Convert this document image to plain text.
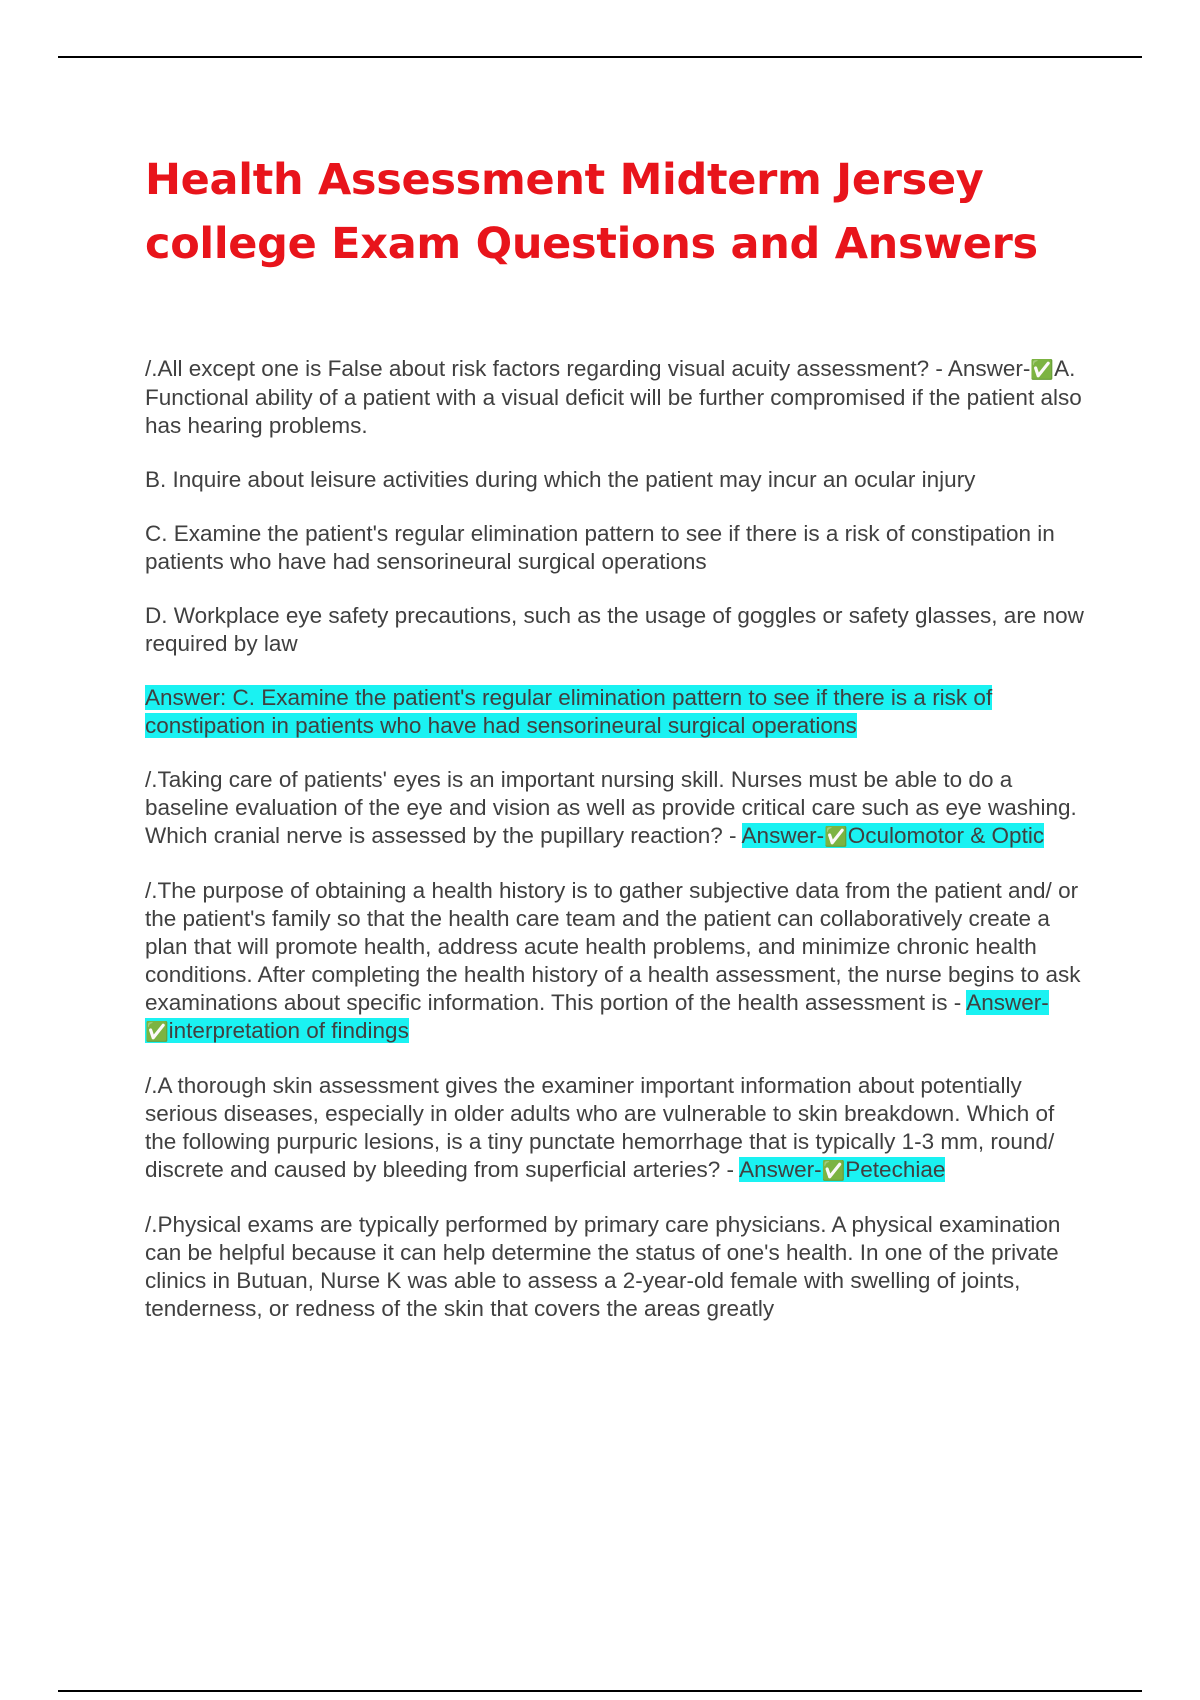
Health Assessment Midterm Jersey
college Exam Questions and Answers

/.All except one is False about risk factors regarding visual acuity assessment? - Answer-✅A. Functional ability of a patient with a visual deficit will be further compromised if the patient also has hearing problems.

B. Inquire about leisure activities during which the patient may incur an ocular injury

C. Examine the patient's regular elimination pattern to see if there is a risk of constipation in patients who have had sensorineural surgical operations

D. Workplace eye safety precautions, such as the usage of goggles or safety glasses, are now required by law

Answer: C. Examine the patient's regular elimination pattern to see if there is a risk of constipation in patients who have had sensorineural surgical operations

/.Taking care of patients' eyes is an important nursing skill. Nurses must be able to do a baseline evaluation of the eye and vision as well as provide critical care such as eye washing. Which cranial nerve is assessed by the pupillary reaction? - Answer-✅Oculomotor & Optic

/.The purpose of obtaining a health history is to gather subjective data from the patient and/ or the patient's family so that the health care team and the patient can collaboratively create a plan that will promote health, address acute health problems, and minimize chronic health conditions. After completing the health history of a health assessment, the nurse begins to ask examinations about specific information. This portion of the health assessment is - Answer-✅interpretation of findings

/.A thorough skin assessment gives the examiner important information about potentially serious diseases, especially in older adults who are vulnerable to skin breakdown. Which of the following purpuric lesions, is a tiny punctate hemorrhage that is typically 1-3 mm, round/ discrete and caused by bleeding from superficial arteries? - Answer-✅Petechiae

/.Physical exams are typically performed by primary care physicians. A physical examination can be helpful because it can help determine the status of one's health. In one of the private clinics in Butuan, Nurse K was able to assess a 2-year-old female with swelling of joints, tenderness, or redness of the skin that covers the areas greatly
